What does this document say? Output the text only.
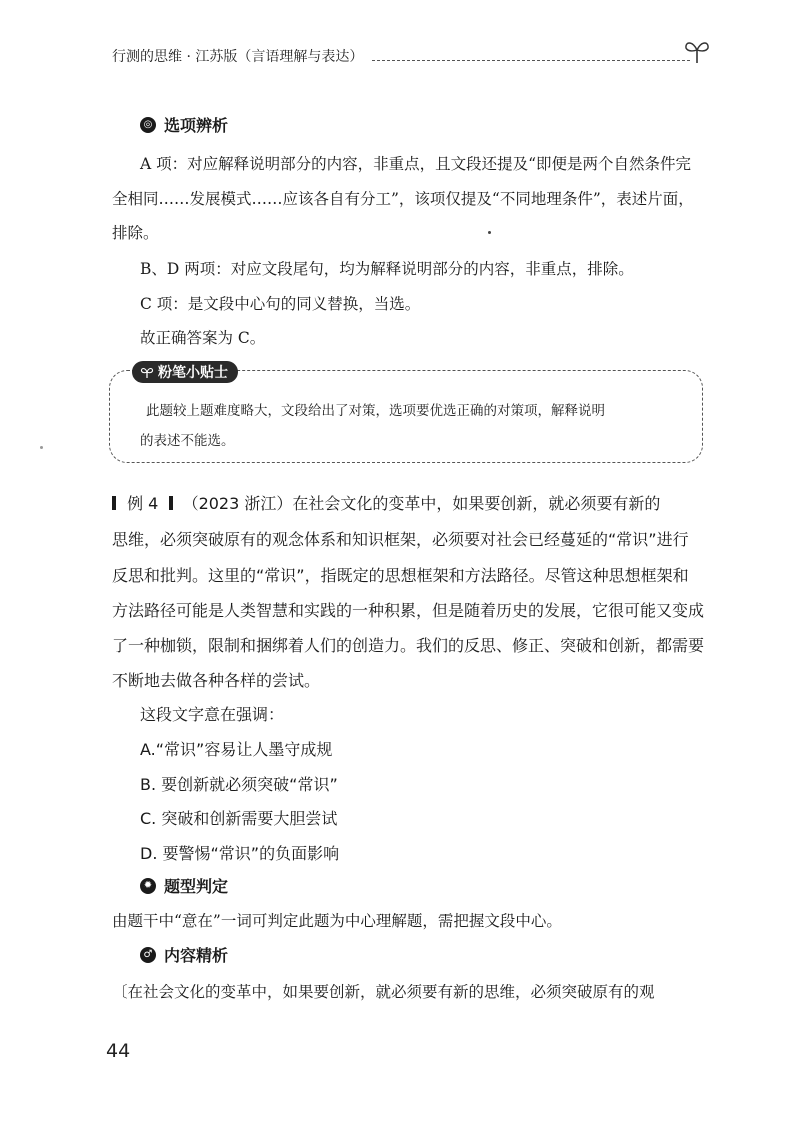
行测的思维 · 江苏版（言语理解与表达）
◎ 选项辨析
A 项：对应解释说明部分的内容，非重点，且文段还提及“即便是两个自然条件完
全相同……发展模式……应该各自有分工”，该项仅提及“不同地理条件”，表述片面，
排除。
B、D 两项：对应文段尾句，均为解释说明部分的内容，非重点，排除。
C 项：是文段中心句的同义替换，当选。
故正确答案为 C。
粉笔小贴士
此题较上题难度略大，文段给出了对策，选项要优选正确的对策项，解释说明
的表述不能选。
例 4 （2023 浙江）在社会文化的变革中，如果要创新，就必须要有新的
思维，必须突破原有的观念体系和知识框架，必须要对社会已经蔓延的“常识”进行
反思和批判。这里的“常识”，指既定的思想框架和方法路径。尽管这种思想框架和
方法路径可能是人类智慧和实践的一种积累，但是随着历史的发展，它很可能又变成
了一种枷锁，限制和捆绑着人们的创造力。我们的反思、修正、突破和创新，都需要
不断地去做各种各样的尝试。
这段文字意在强调：
A.“常识”容易让人墨守成规
B. 要创新就必须突破“常识”
C. 突破和创新需要大胆尝试
D. 要警惕“常识”的负面影响
✹ 题型判定
由题干中“意在”一词可判定此题为中心理解题，需把握文段中心。
♂ 内容精析
〔在社会文化的变革中，如果要创新，就必须要有新的思维，必须突破原有的观
44
